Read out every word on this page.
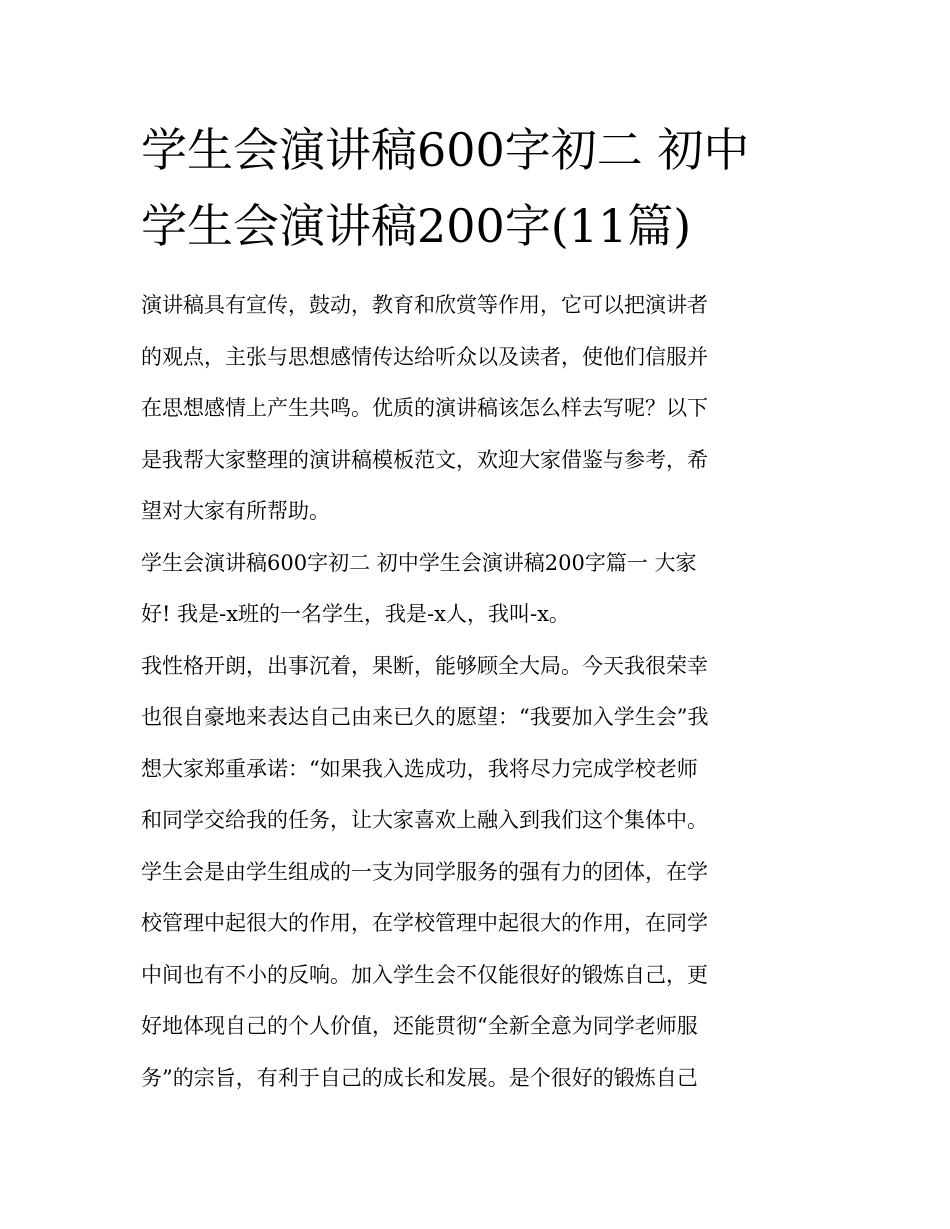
学生会演讲稿600字初二 初中
学生会演讲稿200字(11篇)
演讲稿具有宣传，鼓动，教育和欣赏等作用，它可以把演讲者
的观点，主张与思想感情传达给听众以及读者，使他们信服并
在思想感情上产生共鸣。优质的演讲稿该怎么样去写呢？以下
是我帮大家整理的演讲稿模板范文，欢迎大家借鉴与参考，希
望对大家有所帮助。
学生会演讲稿600字初二 初中学生会演讲稿200字篇一 大家
好! 我是-x班的一名学生，我是-x人，我叫-x。
我性格开朗，出事沉着，果断，能够顾全大局。今天我很荣幸
也很自豪地来表达自己由来已久的愿望：“我要加入学生会”我
想大家郑重承诺：“如果我入选成功，我将尽力完成学校老师
和同学交给我的任务，让大家喜欢上融入到我们这个集体中。
学生会是由学生组成的一支为同学服务的强有力的团体，在学
校管理中起很大的作用，在学校管理中起很大的作用，在同学
中间也有不小的反响。加入学生会不仅能很好的锻炼自己，更
好地体现自己的个人价值，还能贯彻“全新全意为同学老师服
务”的宗旨，有利于自己的成长和发展。是个很好的锻炼自己
